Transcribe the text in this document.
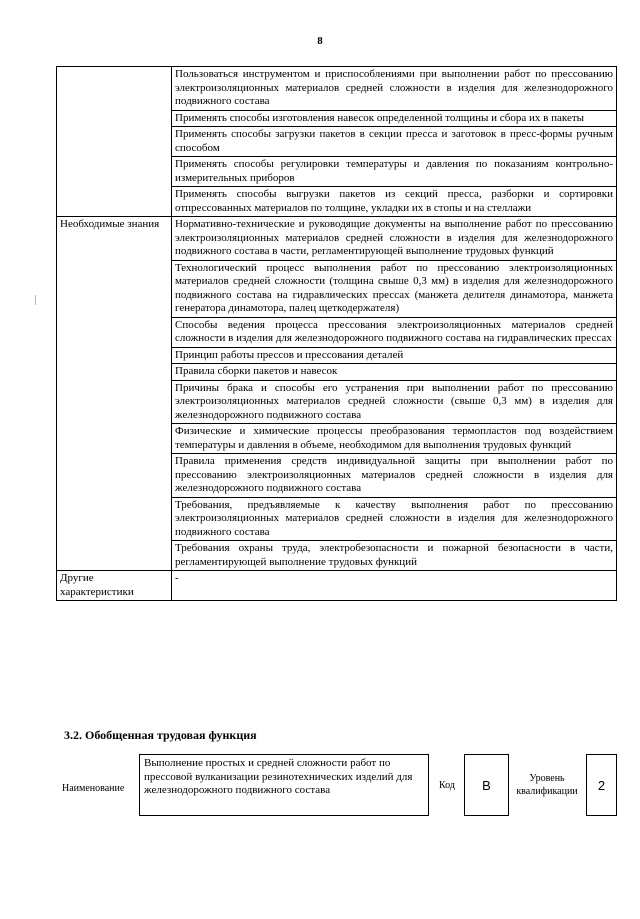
8
	Пользоваться инструментом и приспособлениями при выполнении работ по прессованию электроизоляционных материалов средней сложности в изделия для железнодорожного подвижного состава
	Применять способы изготовления навесок определенной толщины и сбора их в пакеты
	Применять способы загрузки пакетов в секции пресса и заготовок в пресс-формы ручным способом
	Применять способы регулировки температуры и давления по показаниям контрольно-измерительных приборов
	Применять способы выгрузки пакетов из секций пресса, разборки и сортировки отпрессованных материалов по толщине, укладки их в стопы и на стеллажи
Необходимые знания	Нормативно-технические и руководящие документы на выполнение работ по прессованию электроизоляционных материалов средней сложности в изделия для железнодорожного подвижного состава в части, регламентирующей выполнение трудовых функций
	Технологический процесс выполнения работ по прессованию электроизоляционных материалов средней сложности (толщина свыше 0,3 мм) в изделия для железнодорожного подвижного состава на гидравлических прессах (манжета делителя динамотора, манжета генератора динамотора, палец щеткодержателя)
	Способы ведения процесса прессования электроизоляционных материалов средней сложности в изделия для железнодорожного подвижного состава на гидравлических прессах
	Принцип работы прессов и прессования деталей
	Правила сборки пакетов и навесок
	Причины брака и способы его устранения при выполнении работ по прессованию электроизоляционных материалов средней сложности (свыше 0,3 мм) в изделия для железнодорожного подвижного состава
	Физические и химические процессы преобразования термопластов под воздействием температуры и давления в объеме, необходимом для выполнения трудовых функций
	Правила применения средств индивидуальной защиты при выполнении работ по прессованию электроизоляционных материалов средней сложности в изделия для железнодорожного подвижного состава
	Требования, предъявляемые к качеству выполнения работ по прессованию электроизоляционных материалов средней сложности в изделия для железнодорожного подвижного состава
	Требования охраны труда, электробезопасности и пожарной безопасности в части, регламентирующей выполнение трудовых функций
Другие характеристики	-
3.2. Обобщенная трудовая функция
Наименование
Выполнение простых и средней сложности работ по прессовой вулканизации резинотехнических изделий для железнодорожного подвижного состава	Код	В	Уровень квалификации	2
